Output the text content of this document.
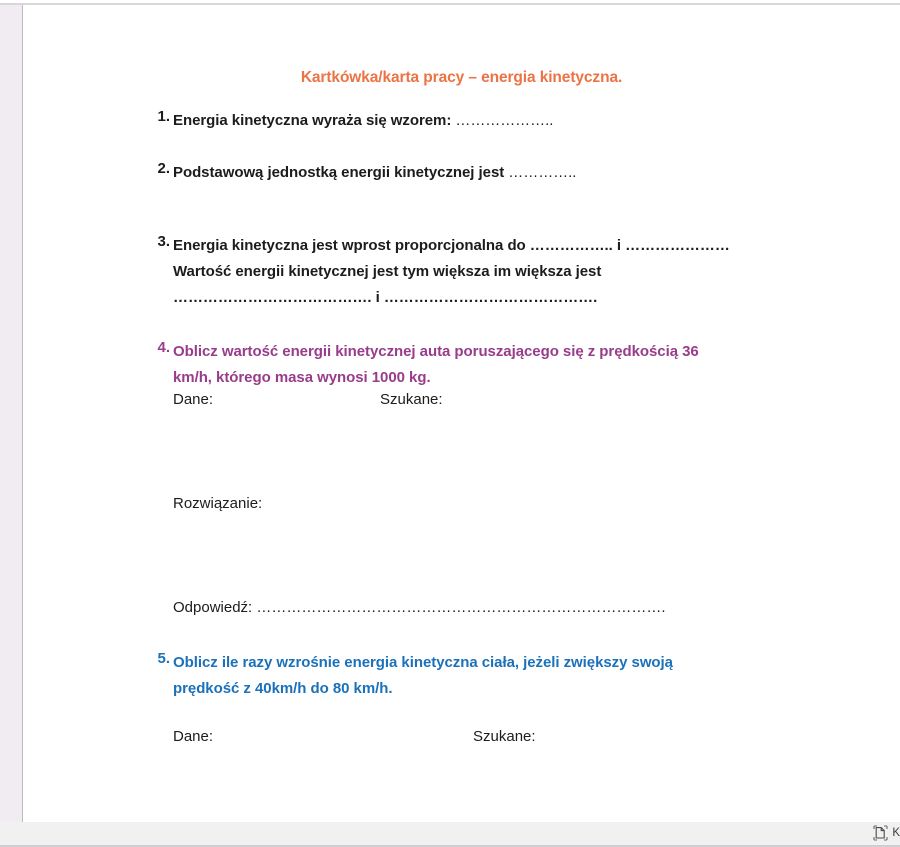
Kartkówka/karta pracy – energia kinetyczna.
1. Energia kinetyczna wyraża się wzorem: ………………..
2. Podstawową jednostką energii kinetycznej jest …………..
3. Energia kinetyczna jest wprost proporcjonalna do …………….. i …………………
Wartość energii kinetycznej jest tym większa im większa jest
…………………………………. i …………………………………….
4. Oblicz wartość energii kinetycznej auta poruszającego się z prędkością 36
km/h, którego masa wynosi 1000 kg.
Dane:	Szukane:
Rozwiązanie:
Odpowiedź: ……………………………………………………………………….
5. Oblicz ile razy wzrośnie energia kinetyczna ciała, jeżeli zwiększy swoją
prędkość z 40km/h do 80 km/h.
Dane:	Szukane:
K
